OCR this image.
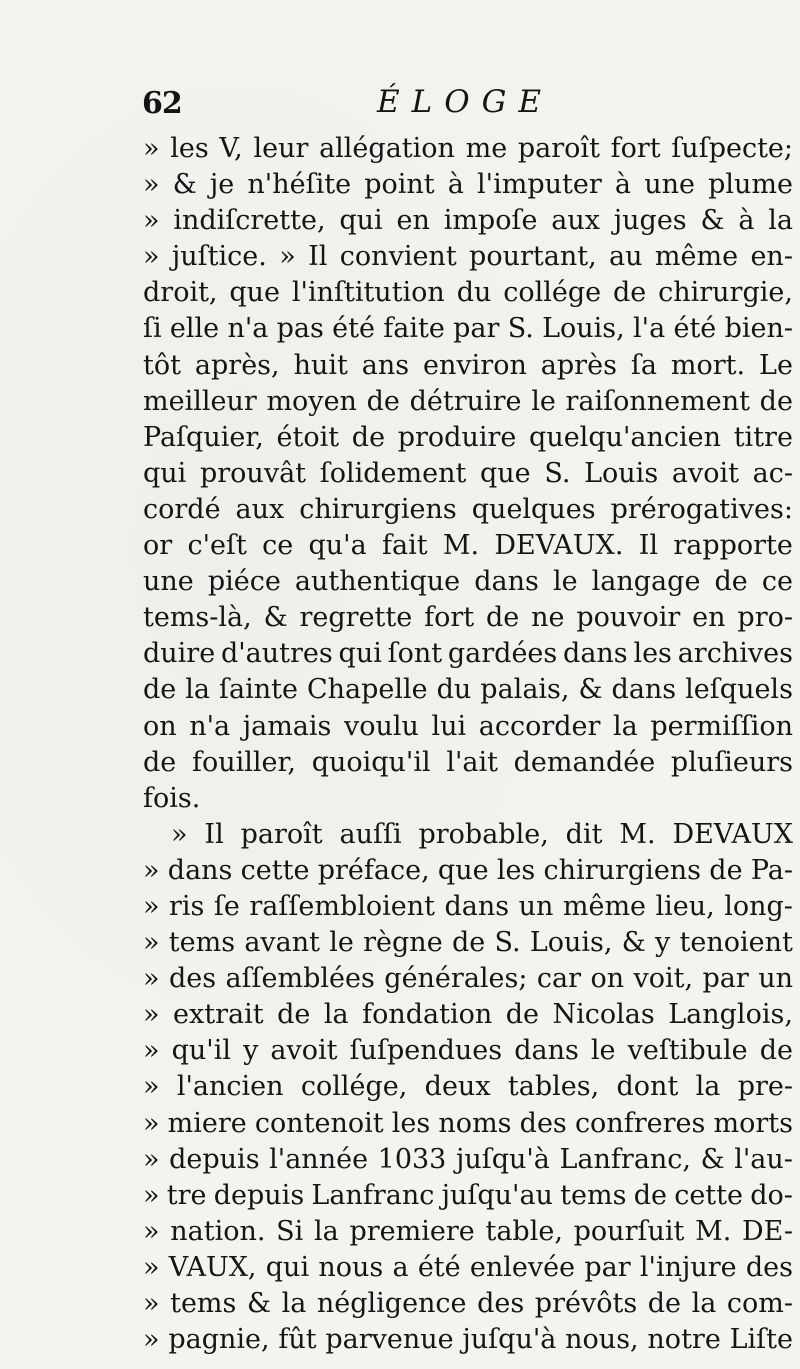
62	ÉLOGE
» les V, leur allégation me paroît fort ſuſpecte;
» & je n'héſite point à l'imputer à une plume
» indiſcrette, qui en impoſe aux juges & à la
» juſtice. » Il convient pourtant, au même en-
droit, que l'inſtitution du collége de chirurgie,
ſi elle n'a pas été faite par S. Louis, l'a été bien-
tôt après, huit ans environ après ſa mort. Le
meilleur moyen de détruire le raiſonnement de
Paſquier, étoit de produire quelqu'ancien titre
qui prouvât ſolidement que S. Louis avoit ac-
cordé aux chirurgiens quelques prérogatives:
or c'eſt ce qu'a fait M. DEVAUX. Il rapporte
une piéce authentique dans le langage de ce
tems-là, & regrette fort de ne pouvoir en pro-
duire d'autres qui ſont gardées dans les archives
de la ſainte Chapelle du palais, & dans leſquels
on n'a jamais voulu lui accorder la permiſſion
de fouiller, quoiqu'il l'ait demandée pluſieurs
fois.
» Il paroît auſſi probable, dit M. DEVAUX
» dans cette préface, que les chirurgiens de Pa-
» ris ſe raſſembloient dans un même lieu, long-
» tems avant le règne de S. Louis, & y tenoient
» des aſſemblées générales; car on voit, par un
» extrait de la fondation de Nicolas Langlois,
» qu'il y avoit ſuſpendues dans le veſtibule de
» l'ancien collége, deux tables, dont la pre-
» miere contenoit les noms des confreres morts
» depuis l'année 1033 juſqu'à Lanfranc, & l'au-
» tre depuis Lanfranc juſqu'au tems de cette do-
» nation. Si la premiere table, pourſuit M. DE-
» VAUX, qui nous a été enlevée par l'injure des
» tems & la négligence des prévôts de la com-
» pagnie, fût parvenue juſqu'à nous, notre Liſte
